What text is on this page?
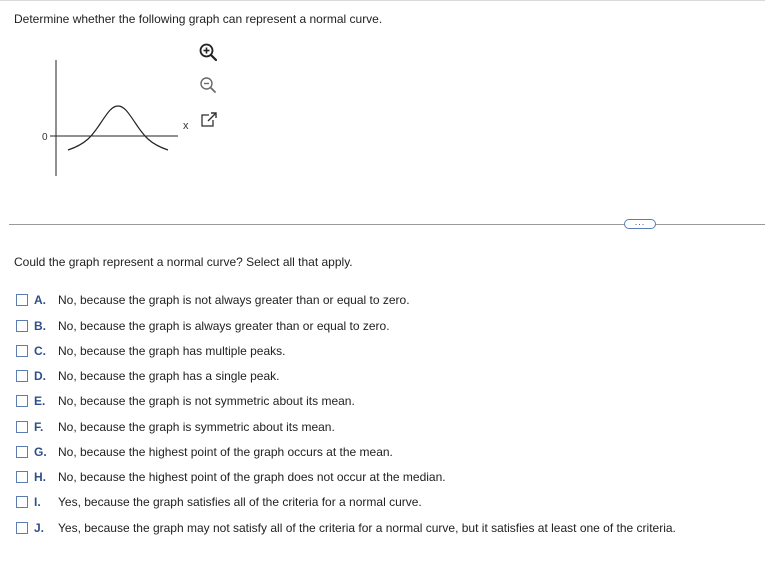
Determine whether the following graph can represent a normal curve.
0
x
...
Could the graph represent a normal curve? Select all that apply.
A.	No, because the graph is not always greater than or equal to zero.
B.	No, because the graph is always greater than or equal to zero.
C.	No, because the graph has multiple peaks.
D.	No, because the graph has a single peak.
E.	No, because the graph is not symmetric about its mean.
F.	No, because the graph is symmetric about its mean.
G. No, because the highest point of the graph occurs at the mean.
H.	No, because the highest point of the graph does not occur at the median.
I.	Yes, because the graph satisfies all of the criteria for a normal curve.
J.	Yes, because the graph may not satisfy all of the criteria for a normal curve, but it satisfies at least one of the criteria.
